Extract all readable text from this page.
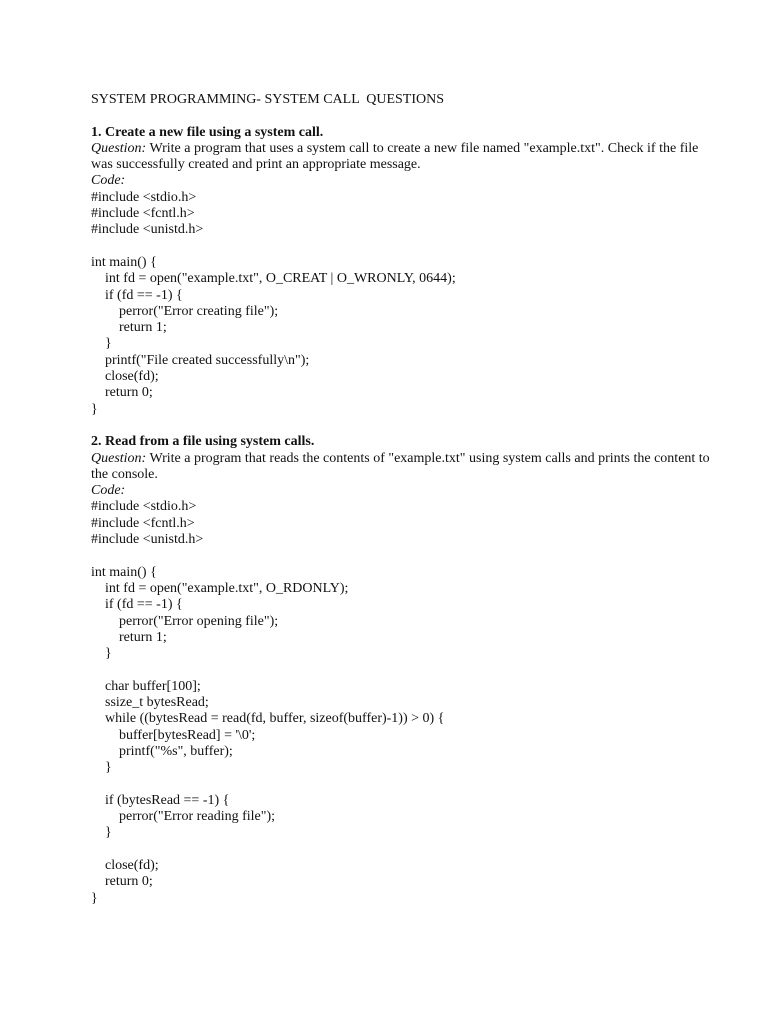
SYSTEM PROGRAMMING- SYSTEM CALL  QUESTIONS

1. Create a new file using a system call.

Question: Write a program that uses a system call to create a new file named "example.txt". Check if the file was successfully created and print an appropriate message.

Code:

#include <stdio.h>

#include <fcntl.h>

#include <unistd.h>

int main() {

int fd = open("example.txt", O_CREAT | O_WRONLY, 0644);

if (fd == -1) {

perror("Error creating file");

return 1;

}

printf("File created successfully\n");

close(fd);

return 0;

}

2. Read from a file using system calls.

Question: Write a program that reads the contents of "example.txt" using system calls and prints the content to the console.

Code:

#include <stdio.h>

#include <fcntl.h>

#include <unistd.h>

int main() {

int fd = open("example.txt", O_RDONLY);

if (fd == -1) {

perror("Error opening file");

return 1;

}

char buffer[100];

ssize_t bytesRead;

while ((bytesRead = read(fd, buffer, sizeof(buffer)-1)) > 0) {

buffer[bytesRead] = '\0';

printf("%s", buffer);

}

if (bytesRead == -1) {

perror("Error reading file");

}

close(fd);

return 0;

}
